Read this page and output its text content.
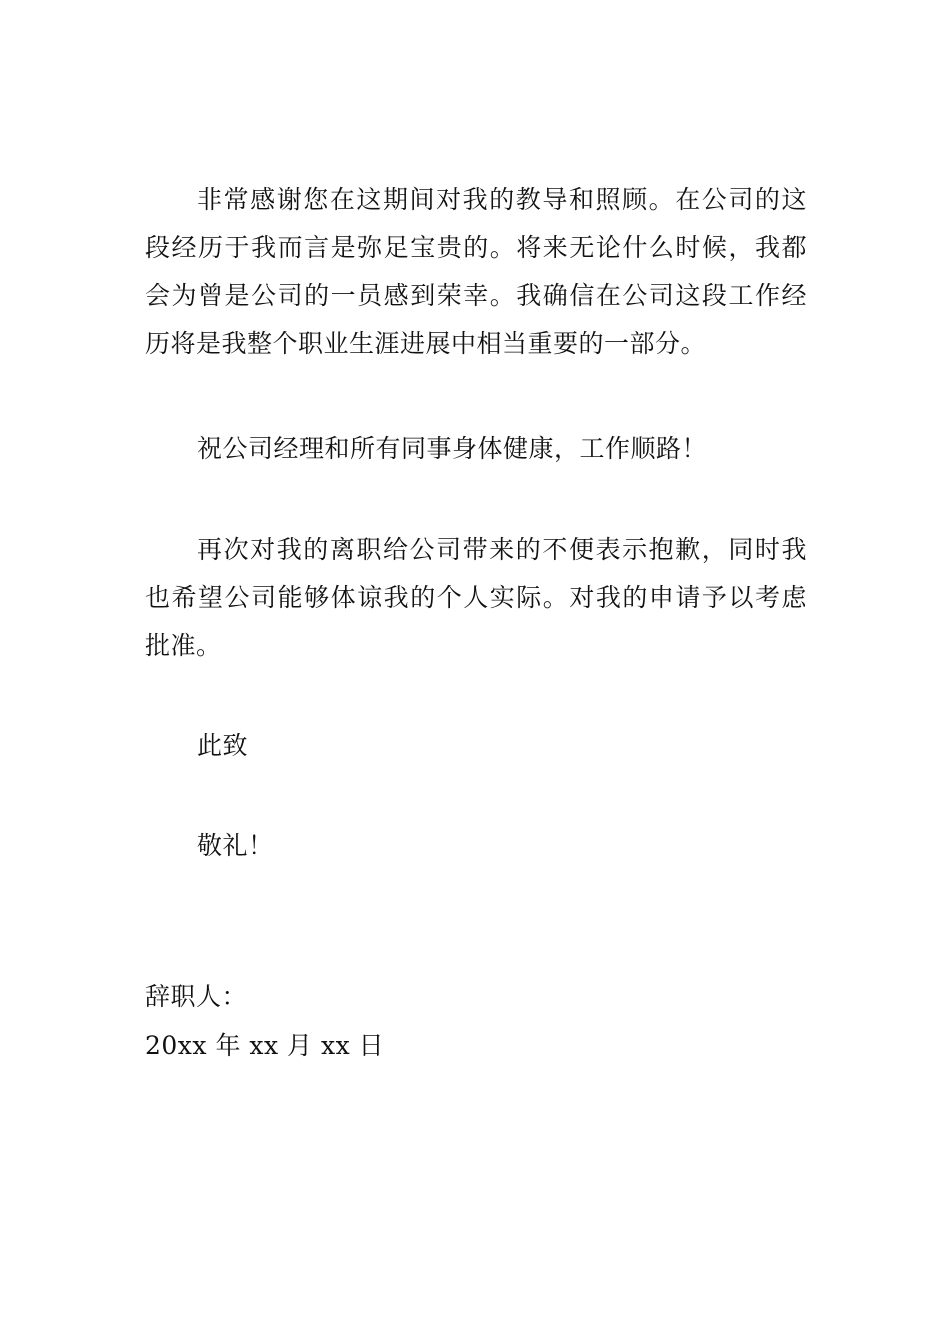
非常感谢您在这期间对我的教导和照顾。在公司的这段经历于我而言是弥足宝贵的。将来无论什么时候，我都会为曾是公司的一员感到荣幸。我确信在公司这段工作经历将是我整个职业生涯进展中相当重要的一部分。

祝公司经理和所有同事身体健康，工作顺路！

再次对我的离职给公司带来的不便表示抱歉，同时我也希望公司能够体谅我的个人实际。对我的申请予以考虑批准。

此致

敬礼！

辞职人：

20xx 年 xx 月 xx 日
